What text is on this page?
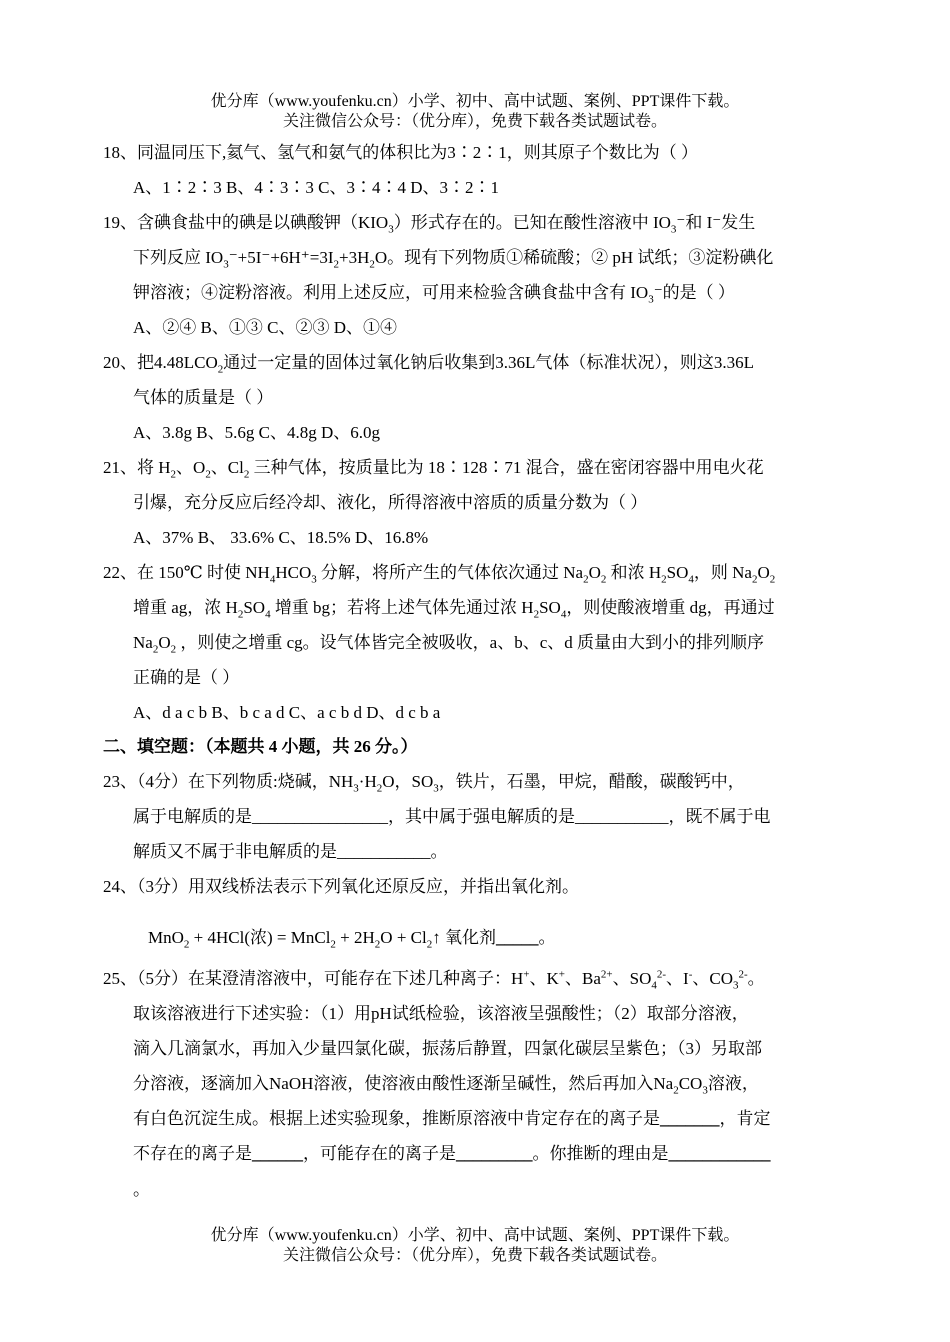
优分库（www.youfenku.cn）小学、初中、高中试题、案例、PPT课件下载。
关注微信公众号：（优分库），免费下载各类试题试卷。
18、同温同压下,氦气、氢气和氨气的体积比为3∶2∶1，则其原子个数比为（ ）
A、1∶2∶3 B、4∶3∶3 C、3∶4∶4 D、3∶2∶1
19、含碘食盐中的碘是以碘酸钾$(KIO_3)$形式存在的。已知在酸性溶液中 $IO_3^-$和 I⁻发生
下列反应 $IO_3^-+5I^-+6H^+=3I_2+3H_2O$。现有下列物质①稀硫酸；② pH 试纸；③淀粉碘化
钾溶液；④淀粉溶液。利用上述反应，可用来检验含碘食盐中含有 $IO_3^-$的是（ ）
A、②④ B、①③ C、②③ D、①④
20、把$4.48LCO_2$通过一定量的固体过氧化钠后收集到3.36L气体（标准状况），则这3.36L
气体的质量是（ ）
A、3.8g B、5.6g C、4.8g D、6.0g
21、将 $H_2$、$O_2$、$Cl_2$ 三种气体，按质量比为 18∶128∶71 混合，盛在密闭容器中用电火花
引爆，充分反应后经冷却、液化，所得溶液中溶质的质量分数为（ ）
A、37% B、 33.6% C、18.5% D、16.8%
22、在 150℃ 时使 $NH_4HCO_3$ 分解，将所产生的气体依次通过 $Na_2O_2$ 和浓 $H_2SO_4$，则 $Na_2O_2$
增重 ag，浓 $H_2SO_4$ 增重 bg；若将上述气体先通过浓 $H_2SO_4$，则使酸液增重 dg，再通过
$Na_2O_2$ ，则使之增重 cg。设气体皆完全被吸收，a、b、c、d 质量由大到小的排列顺序
正确的是（ ）
A、d a c b B、b c a d C、a c b d D、d c b a
二、填空题：（本题共 4 小题，共 26 分。）
23、（4分）在下列物质:烧碱，$NH_3\cdot H_2O$，$SO_3$，铁片，石墨，甲烷，醋酸，碳酸钙中，
属于电解质的是________________，其中属于强电解质的是___________，既不属于电
解质又不属于非电解质的是___________。
24、（3分）用双线桥法表示下列氧化还原反应，并指出氧化剂。
MnO$_2$ + 4HCl(浓) = MnCl$_2$ + $2H_2O$ + $Cl_2↑$ 氧化剂_____。
25、（5分）在某澄清溶液中，可能存在下述几种离子：H+、K+、$Ba^{2+}$、$SO_4^{2-}$、I-、$CO_3^{2-}$。
取该溶液进行下述实验：（1）用pH试纸检验，该溶液呈强酸性；（2）取部分溶液，
滴入几滴氯水，再加入少量四氯化碳，振荡后静置，四氯化碳层呈紫色；（3）另取部
分溶液，逐滴加入NaOH溶液，使溶液由酸性逐渐呈碱性，然后再加入$Na_2CO_3$溶液，
有白色沉淀生成。根据上述实验现象，推断原溶液中肯定存在的离子是_______，肯定
不存在的离子是______，可能存在的离子是_________。你推断的理由是____________
。
优分库（www.youfenku.cn）小学、初中、高中试题、案例、PPT课件下载。
关注微信公众号：（优分库），免费下载各类试题试卷。
